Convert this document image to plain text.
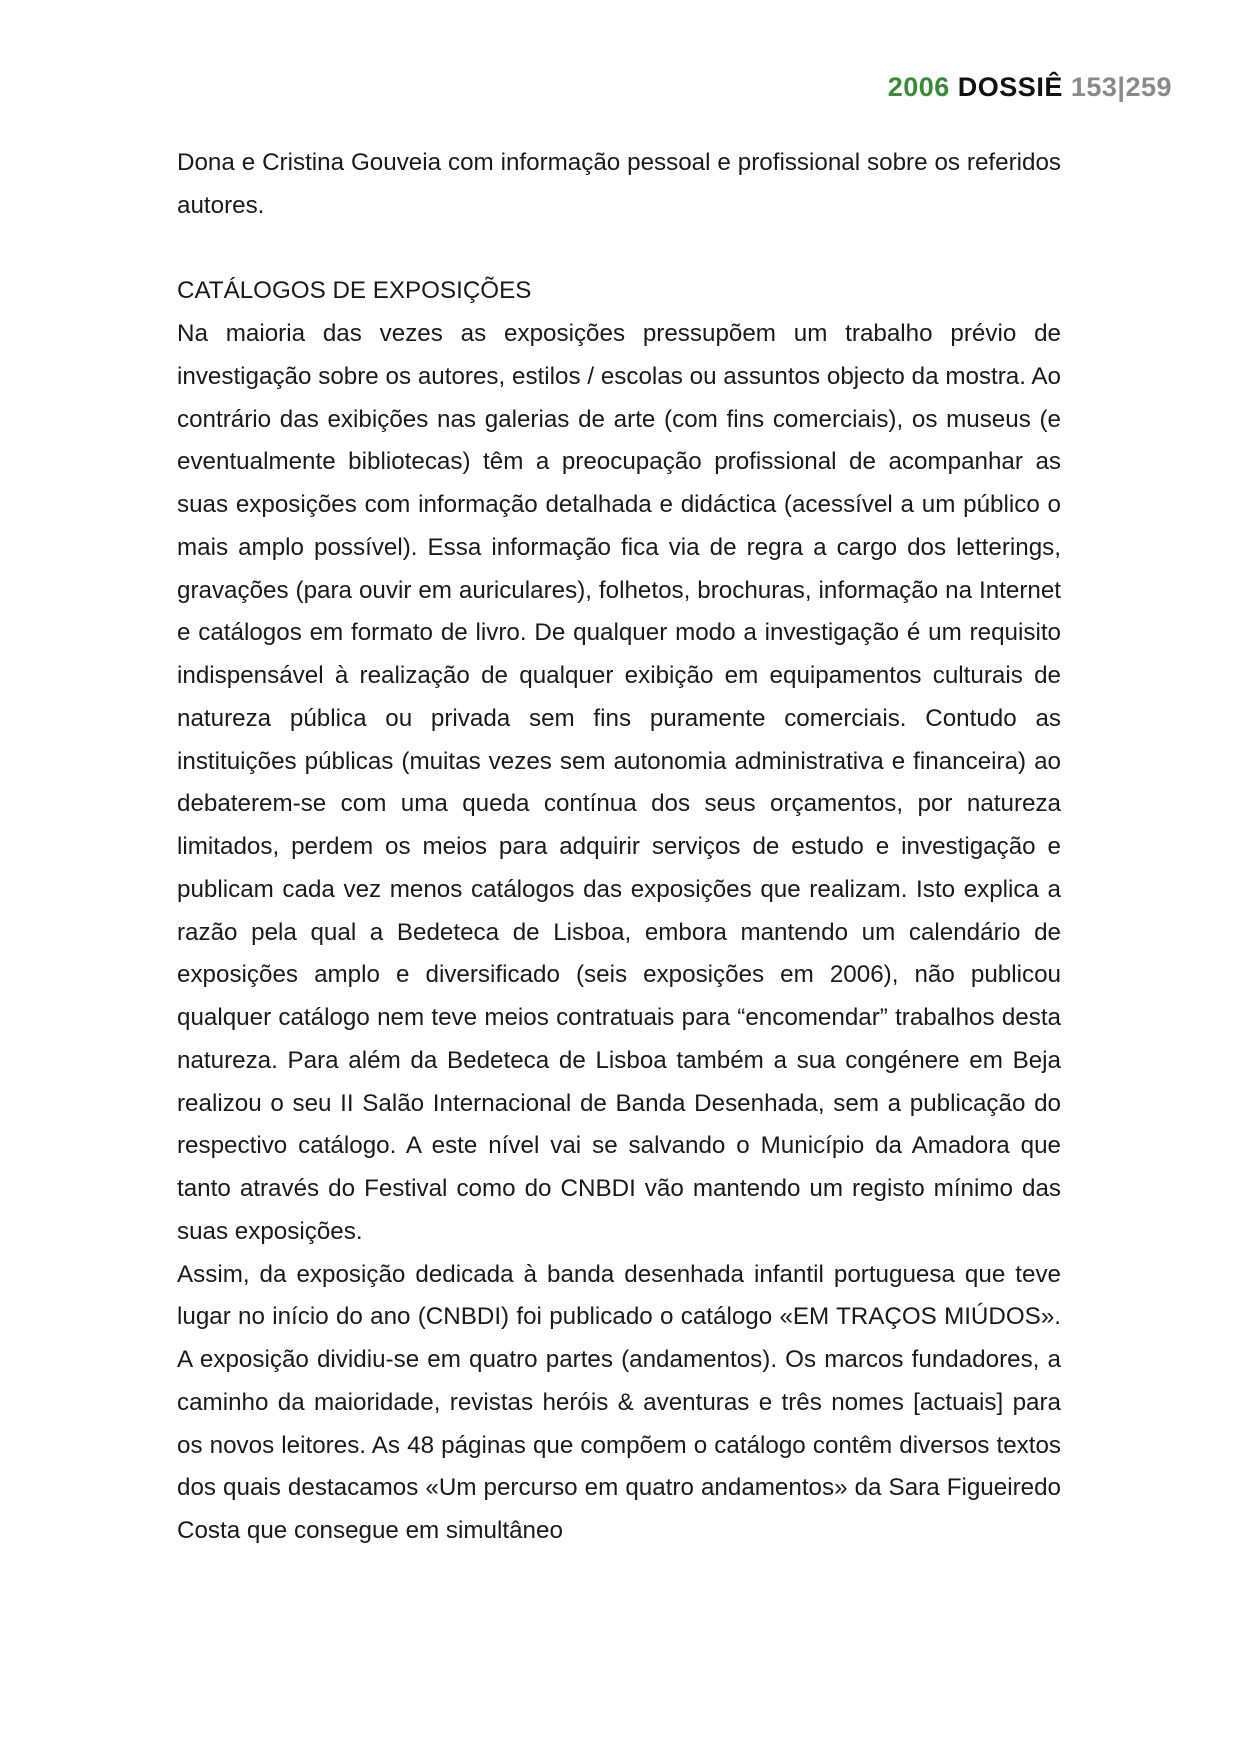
2006 DOSSIÊ 153|259

Dona e Cristina Gouveia com informação pessoal e profissional sobre os referidos autores.

CATÁLOGOS DE EXPOSIÇÕES

Na maioria das vezes as exposições pressupõem um trabalho prévio de investigação sobre os autores, estilos / escolas ou assuntos objecto da mostra. Ao contrário das exibições nas galerias de arte (com fins comerciais), os museus (e eventualmente bibliotecas) têm a preocupação profissional de acompanhar as suas exposições com informação detalhada e didáctica (acessível a um público o mais amplo possível). Essa informação fica via de regra a cargo dos letterings, gravações (para ouvir em auriculares), folhetos, brochuras, informação na Internet e catálogos em formato de livro. De qualquer modo a investigação é um requisito indispensável à realização de qualquer exibição em equipamentos culturais de natureza pública ou privada sem fins puramente comerciais. Contudo as instituições públicas (muitas vezes sem autonomia administrativa e financeira) ao debaterem-se com uma queda contínua dos seus orçamentos, por natureza limitados, perdem os meios para adquirir serviços de estudo e investigação e publicam cada vez menos catálogos das exposições que realizam. Isto explica a razão pela qual a Bedeteca de Lisboa, embora mantendo um calendário de exposições amplo e diversificado (seis exposições em 2006), não publicou qualquer catálogo nem teve meios contratuais para “encomendar” trabalhos desta natureza. Para além da Bedeteca de Lisboa também a sua congénere em Beja realizou o seu II Salão Internacional de Banda Desenhada, sem a publicação do respectivo catálogo. A este nível vai se salvando o Município da Amadora que tanto através do Festival como do CNBDI vão mantendo um registo mínimo das suas exposições.

Assim, da exposição dedicada à banda desenhada infantil portuguesa que teve lugar no início do ano (CNBDI) foi publicado o catálogo «EM TRAÇOS MIÚDOS». A exposição dividiu-se em quatro partes (andamentos). Os marcos fundadores, a caminho da maioridade, revistas heróis & aventuras e três nomes [actuais] para os novos leitores. As 48 páginas que compõem o catálogo contêm diversos textos dos quais destacamos «Um percurso em quatro andamentos» da Sara Figueiredo Costa que consegue em simultâneo
